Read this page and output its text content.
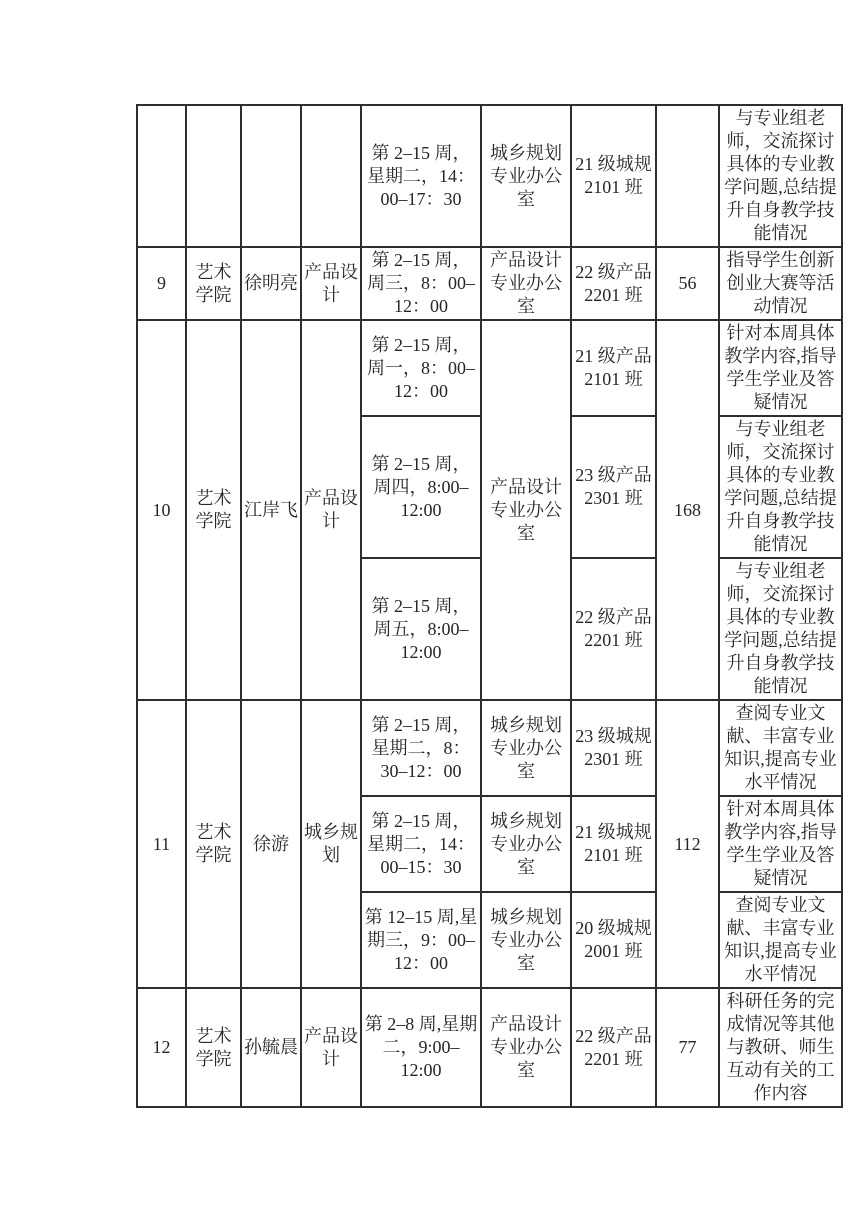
				第 2–15 周，星期二，14：00–17：30	城乡规划专业办公室	21 级城规 2101 班		与专业组老师，交流探讨具体的专业教学问题,总结提升自身教学技能情况
9	艺术学院	徐明亮	产品设计	第 2–15 周，周三，8：00–12：00	产品设计专业办公室	22 级产品 2201 班	56	指导学生创新创业大赛等活动情况
10	艺术学院	江岸飞	产品设计	第 2–15 周，周一，8：00–12：00	产品设计专业办公室	21 级产品 2101 班	168	针对本周具体教学内容,指导学生学业及答疑情况
				第 2–15 周，周四，8:00–12:00		23 级产品 2301 班		与专业组老师，交流探讨具体的专业教学问题,总结提升自身教学技能情况
				第 2–15 周，周五，8:00–12:00		22 级产品 2201 班		与专业组老师，交流探讨具体的专业教学问题,总结提升自身教学技能情况
11	艺术学院	徐游	城乡规划	第 2–15 周，星期二，8：30–12：00	城乡规划专业办公室	23 级城规 2301 班	112	查阅专业文献、丰富专业知识,提高专业水平情况
				第 2–15 周，星期二，14：00–15：30	城乡规划专业办公室	21 级城规 2101 班		针对本周具体教学内容,指导学生学业及答疑情况
				第 12–15 周,星期三，9：00–12：00	城乡规划专业办公室	20 级城规 2001 班		查阅专业文献、丰富专业知识,提高专业水平情况
12	艺术学院	孙毓晨	产品设计	第 2–8 周,星期二，9:00–12:00	产品设计专业办公室	22 级产品 2201 班	77	科研任务的完成情况等其他与教研、师生互动有关的工作内容
